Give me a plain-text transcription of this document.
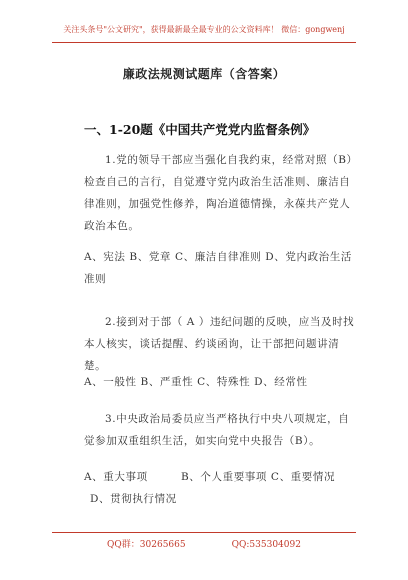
关注头条号"公文研究"，获得最新最全最专业的公文资料库！ 微信：gongwenj
廉政法规测试题库（含答案）
一、1-20题《中国共产党党内监督条例》
1.党的领导干部应当强化自我约束，经常对照（B）检查自己的言行，自觉遵守党内政治生活准则、廉洁自律准则，加强党性修养，陶冶道德情操，永葆共产党人政治本色。
A、宪法 B、党章 C、廉洁自律准则 D、党内政治生活准则
2.接到对于部（ A ）违纪问题的反映，应当及时找本人核实，谈话提醒、约谈函询，让干部把问题讲清楚。
A、一般性 B、严重性 C、特殊性 D、经常性
3.中央政治局委员应当严格执行中央八项规定，自觉参加双重组织生活，如实向党中央报告（B）。
A、重大事项　　　B、个人重要事项 C、重要情况
D、贯彻执行情况
QQ群：30265665	QQ:535304092
